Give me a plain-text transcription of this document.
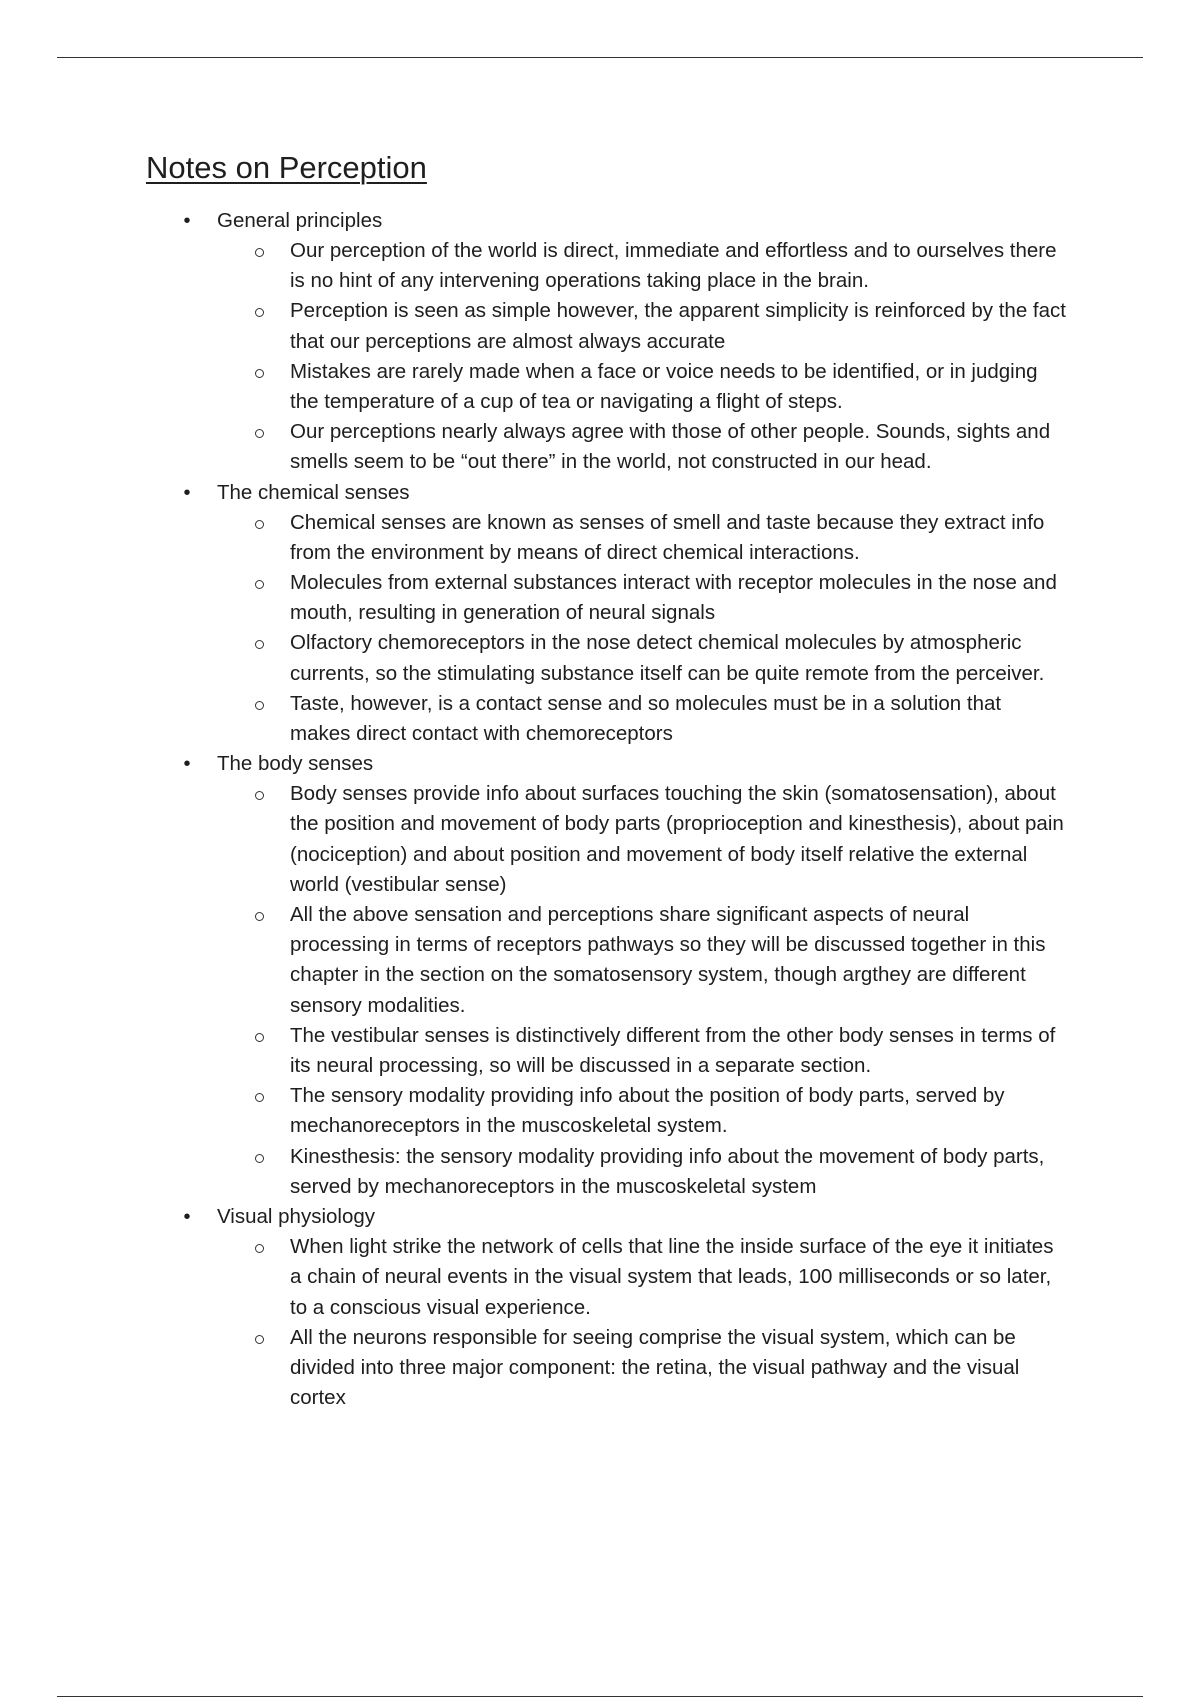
Notes on Perception
•	General principles
Our perception of the world is direct, immediate and effortless and to ourselves there is no hint of any intervening operations taking place in the brain.
Perception is seen as simple however, the apparent simplicity is reinforced by the fact that our perceptions are almost always accurate
Mistakes are rarely made when a face or voice needs to be identified, or in judging the temperature of a cup of tea or navigating a flight of steps.
Our perceptions nearly always agree with those of other people. Sounds, sights and smells seem to be “out there” in the world, not constructed in our head.
•	The chemical senses
Chemical senses are known as senses of smell and taste because they extract info from the environment by means of direct chemical interactions.
Molecules from external substances interact with receptor molecules in the nose and mouth, resulting in generation of neural signals
Olfactory chemoreceptors in the nose detect chemical molecules by atmospheric currents, so the stimulating substance itself can be quite remote from the perceiver.
Taste, however, is a contact sense and so molecules must be in a solution that makes direct contact with chemoreceptors
•	The body senses
Body senses provide info about surfaces touching the skin (somatosensation), about the position and movement of body parts (proprioception and kinesthesis), about pain (nociception) and about position and movement of body itself relative the external world (vestibular sense)
All the above sensation and perceptions share significant aspects of neural processing in terms of receptors pathways so they will be discussed together in this chapter in the section on the somatosensory system, though argthey are different sensory modalities.
The vestibular senses is distinctively different from the other body senses in terms of its neural processing, so will be discussed in a separate section.
The sensory modality providing info about the position of body parts, served by mechanoreceptors in the muscoskeletal system.
Kinesthesis: the sensory modality providing info about the movement of body parts, served by mechanoreceptors in the muscoskeletal system
•	Visual physiology
When light strike the network of cells that line the inside surface of the eye it initiates a chain of neural events in the visual system that leads, 100 milliseconds or so later, to a conscious visual experience.
All the neurons responsible for seeing comprise the visual system, which can be divided into three major component: the retina, the visual pathway and the visual cortex
